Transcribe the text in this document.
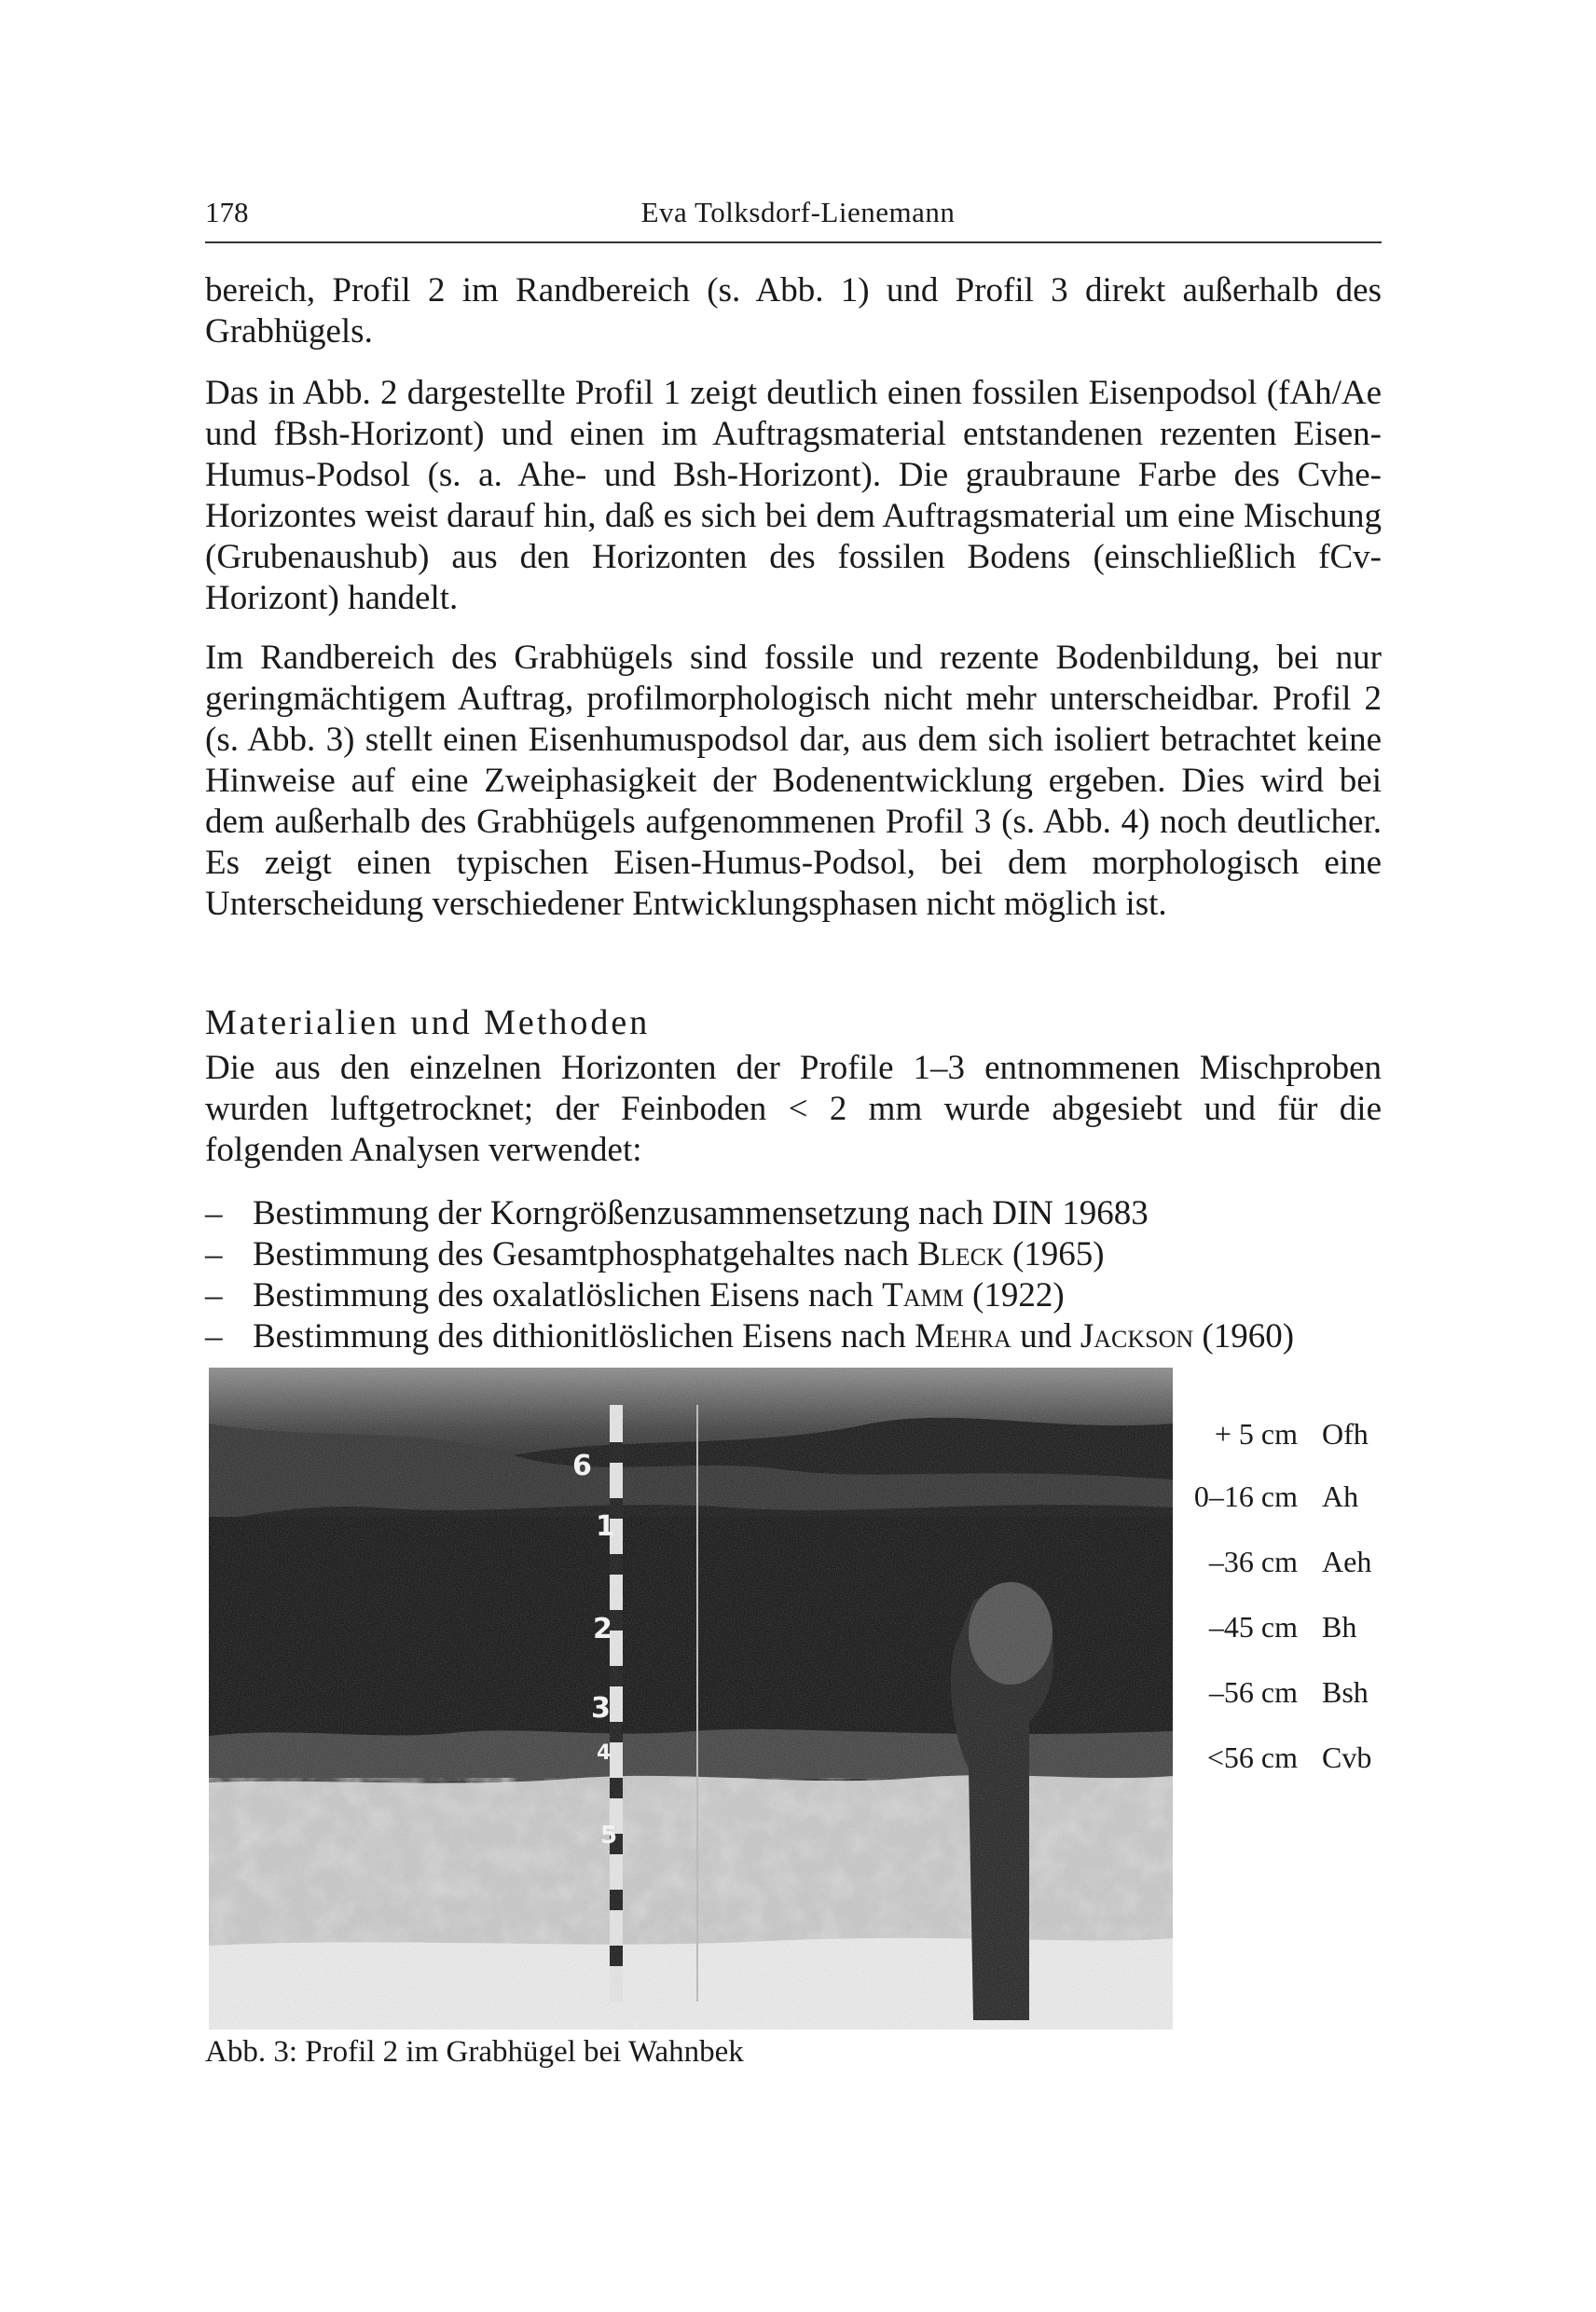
178	Eva Tolksdorf-Lienemann

bereich, Profil 2 im Randbereich (s. Abb. 1) und Profil 3 direkt außerhalb des Grabhügels.

Das in Abb. 2 dargestellte Profil 1 zeigt deutlich einen fossilen Eisenpodsol (fAh/Ae und fBsh-Horizont) und einen im Auftragsmaterial entstandenen rezenten Eisen-Humus-Podsol (s. a. Ahe- und Bsh-Horizont). Die graubraune Farbe des Cvhe-Horizontes weist darauf hin, daß es sich bei dem Auftragsmaterial um eine Mischung (Grubenaushub) aus den Horizonten des fossilen Bodens (einschließlich fCv-Horizont) handelt.

Im Randbereich des Grabhügels sind fossile und rezente Bodenbildung, bei nur geringmächtigem Auftrag, profilmorphologisch nicht mehr unterscheidbar. Profil 2 (s. Abb. 3) stellt einen Eisenhumuspodsol dar, aus dem sich isoliert betrachtet keine Hinweise auf eine Zweiphasigkeit der Bodenentwicklung ergeben. Dies wird bei dem außerhalb des Grabhügels aufgenommenen Profil 3 (s. Abb. 4) noch deutlicher. Es zeigt einen typischen Eisen-Humus-Podsol, bei dem morphologisch eine Unterscheidung verschiedener Entwicklungsphasen nicht möglich ist.

Materialien und Methoden

Die aus den einzelnen Horizonten der Profile 1–3 entnommenen Mischproben wurden luftgetrocknet; der Feinboden < 2 mm wurde abgesiebt und für die folgenden Analysen verwendet:

– Bestimmung der Korngrößenzusammensetzung nach DIN 19683
– Bestimmung des Gesamtphosphatgehaltes nach Bleck (1965)
– Bestimmung des oxalatlöslichen Eisens nach Tamm (1922)
– Bestimmung des dithionitlöslichen Eisens nach Mehra und Jackson (1960)
6
1
2
3
4
5
+ 5 cm Ofh
0–16 cm Ah
–36 cm Aeh
–45 cm Bh
–56 cm Bsh
<56 cm Cvb
Abb. 3: Profil 2 im Grabhügel bei Wahnbek
